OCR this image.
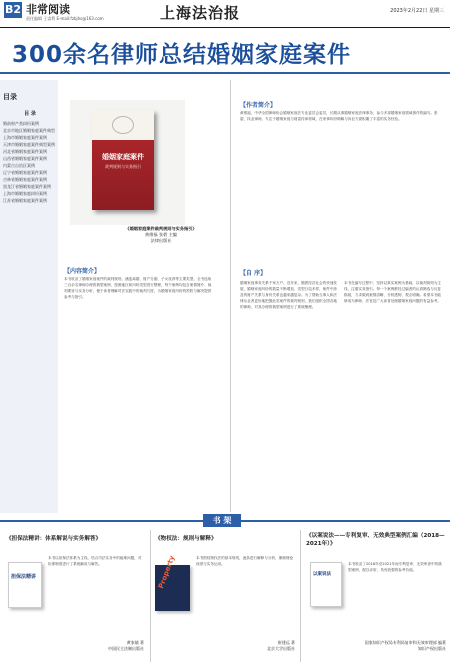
B2 非常阅读
责任编辑 王睿利 E-mail:fzbjhs@163.com	上海法治报	2023年2月22日 星期三
300余名律师总结婚姻家庭案件
目录
目 录
婚前财产类纠纷案例
北京市地区婚姻家庭案件典型
上海市婚姻家庭案件案例
天津市婚姻家庭案件典型案例
河北省婚姻家庭案件案例
山西省婚姻家庭案件案例
内蒙古自治区案例
辽宁省婚姻家庭案件案例
吉林省婚姻家庭案件案例
黑龙江省婚姻家庭案件案例
上海市婚姻家庭纠纷案例
江苏省婚姻家庭案件案例
婚姻家庭案件
裁判规则与实务指引
《婚姻家庭案件裁判规则与实务指引》
黄维福 张碧 主编
法律出版社
【内容简介】
本书收录了婚姻家庭案件的裁判规则，涵盖离婚、财产分割、子女抚养等主要类型。全书选取三百余名律师办理的典型案例，按照地区和纠纷类型进行整理，每个案例均包含案情简介、裁判要旨与实务分析，便于读者理解司法实践中的裁判尺度，为婚姻家庭纠纷的预防与解决提供参考与指引。
【作者简介】
黄维福，中华全国律师协会婚姻家庭法专业委员会委员，长期从事婚姻家庭法律事务，参与多部婚姻家庭领域著作的编写。张碧，执业律师，专注于婚姻家庭与财富传承领域，在家事纠纷调解与诉讼方面积累了丰富的实务经验。
【自 序】
婚姻家庭事务关系千家万户。近年来，随着经济社会的快速发展，婚姻家庭纠纷的数量不断增加，类型日趋多样，案件中涉及的财产关系与身份关系也越来越复杂。为了帮助当事人和法律从业者更好地把握此类案件的裁判规则，我们组织全国各地的律师，对其办理的典型案例进行了系统梳理。
本书在编写过程中，坚持以真实案例为基础，以裁判规则为主线，注重实务指引。每一个案例都经过编者的认真筛选与反复推敲，力求做到案情清晰、分析透彻、观点明确。希望本书能够成为律师、法官及广大读者处理婚姻家庭问题的有益参考。
书 架
《担保法精讲：体系解说与实务解答》
担保法精讲
本书以担保法体系为主线，结合司法实务中的疑难问题，对担保制度进行了系统解说与解答。
黄家镇 著
中国民主法制出版社
《物权法：规则与解释》
Property	本书围绕物权法的基本规则，逐条进行解释与分析，兼顾理论深度与实务运用。
崔建远 著
北京大学出版社
《以案说法——专利复审、无效典型案例汇编（2018—2021年）》
以案说法
本书收录了2018年至2021年间专利复审、无效审查中的典型案例，配以评析，具有较强的参考价值。
国家知识产权局专利局复审和无效审理部 编著
知识产权出版社
